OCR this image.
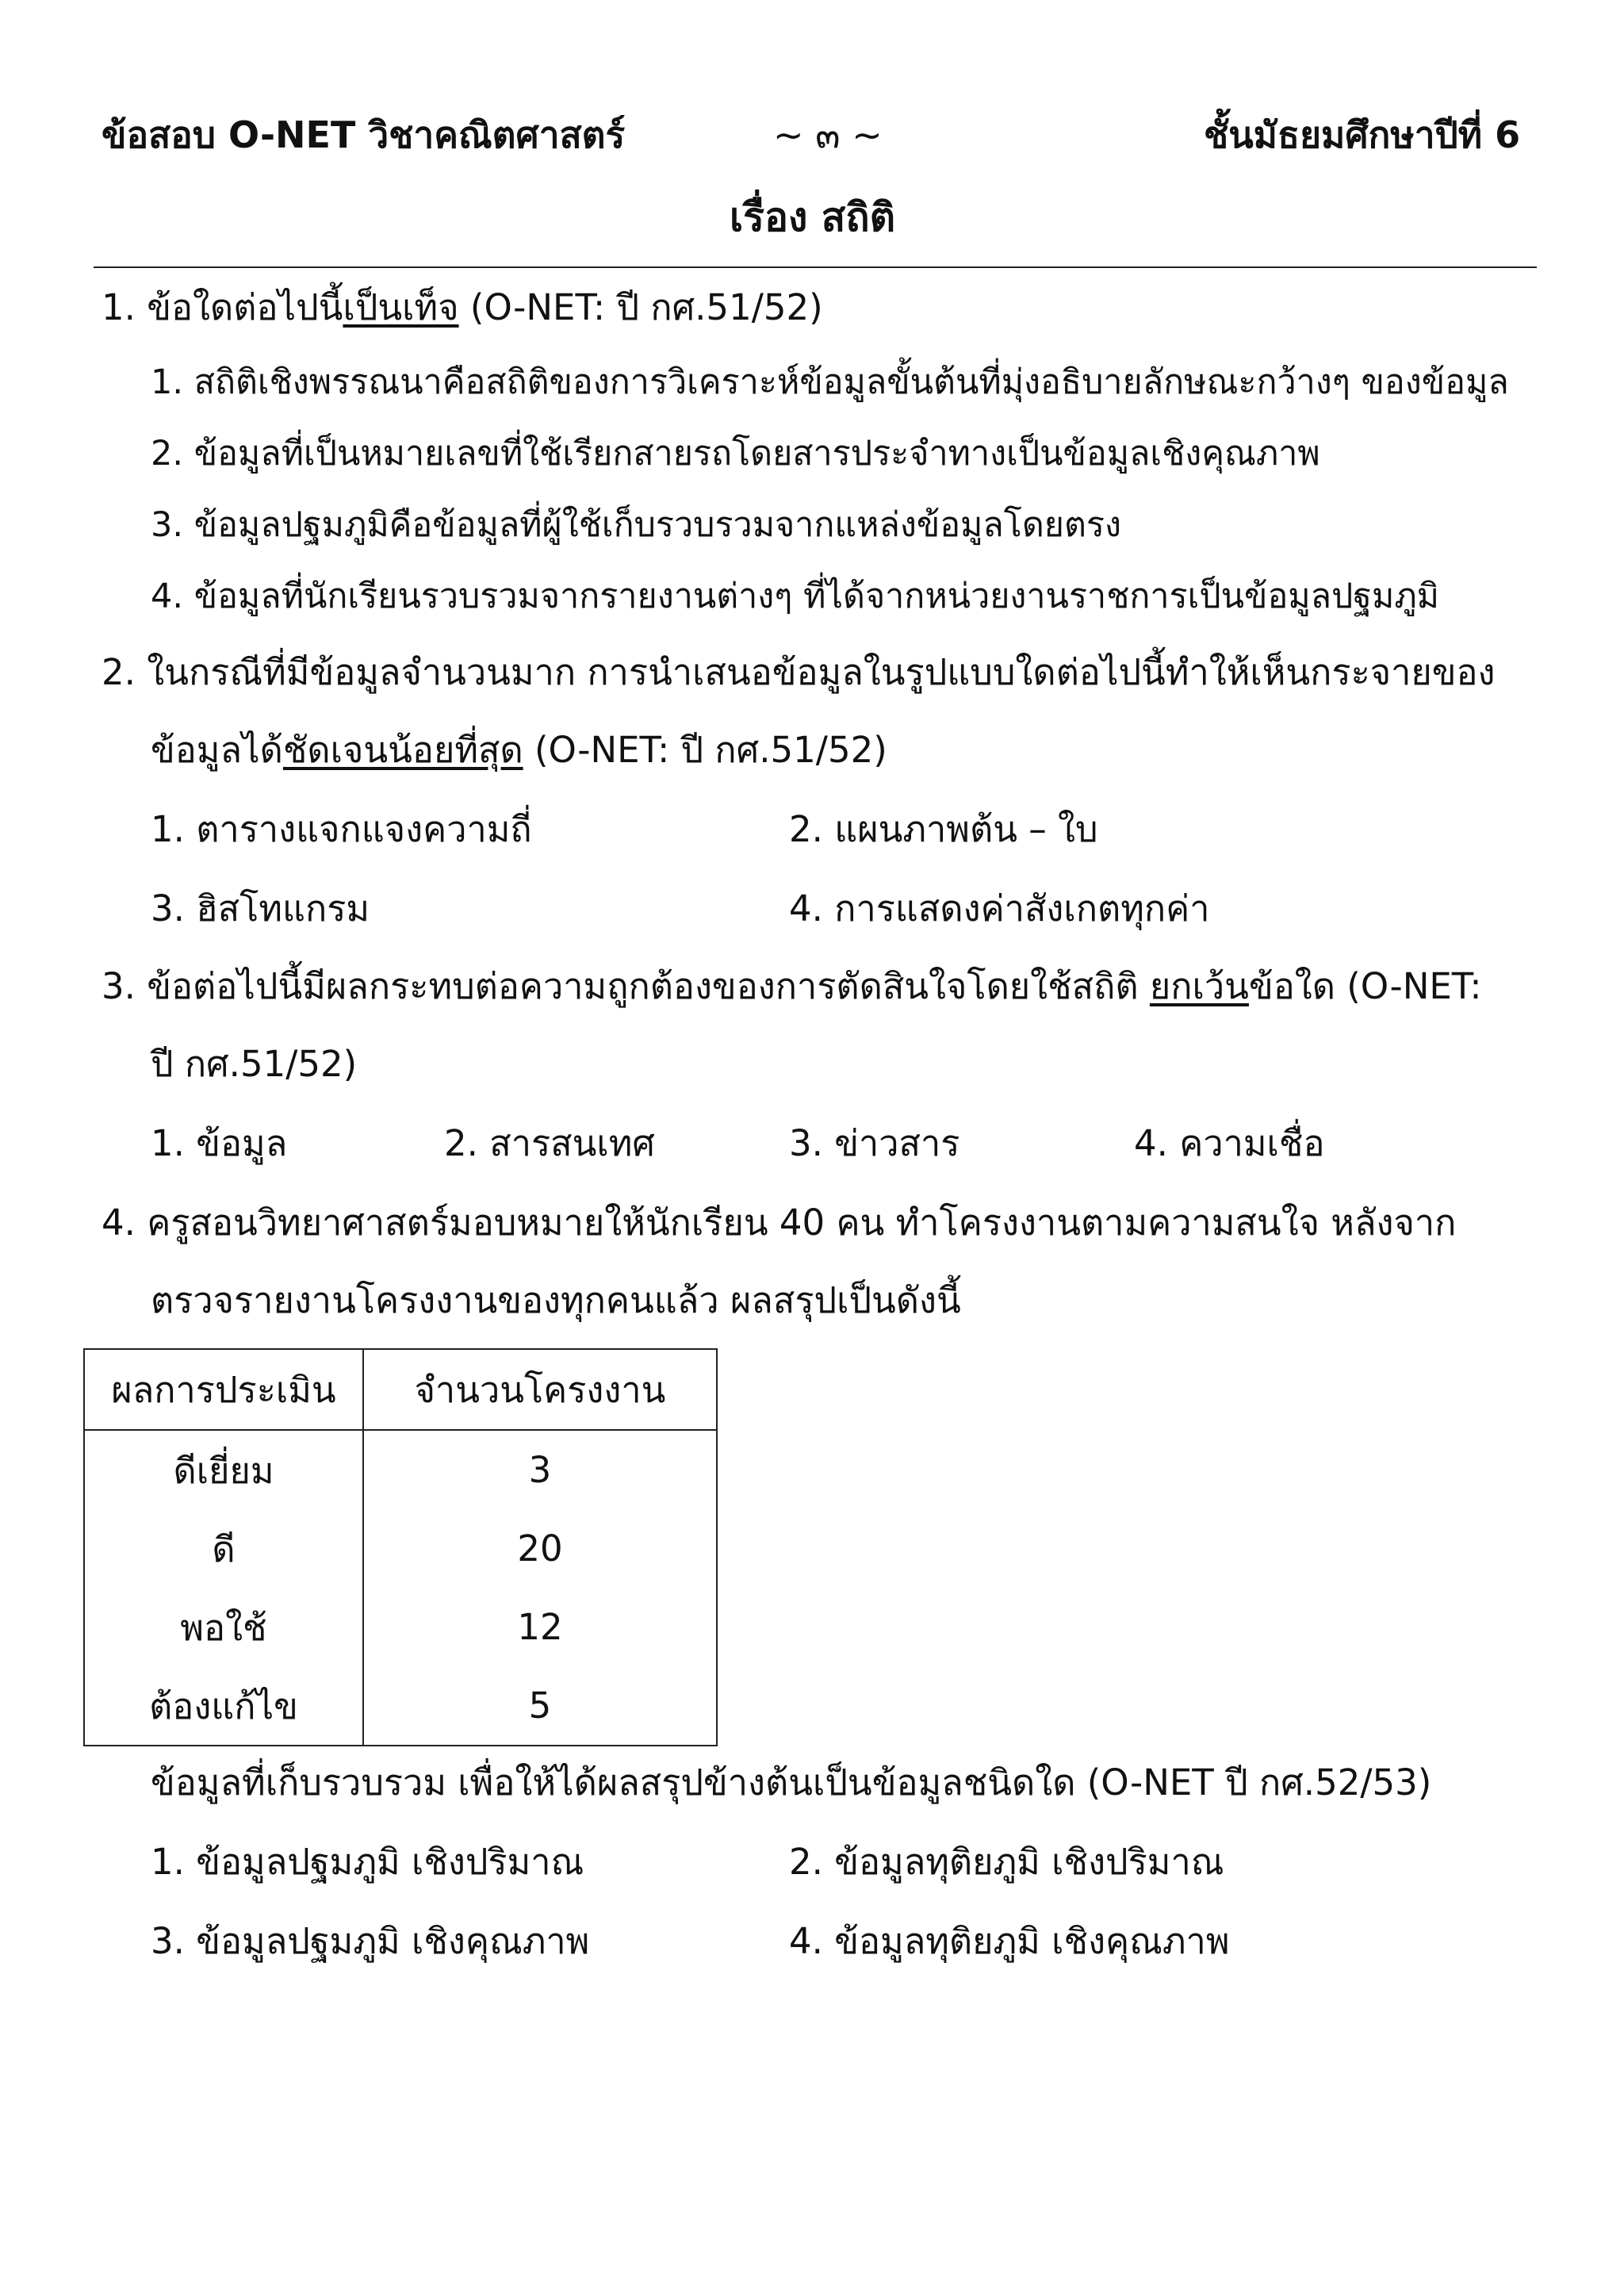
ข้อสอบ O-NET วิชาคณิตศาสตร์	~ ๓ ~	ชั้นมัธยมศึกษาปีที่ 6
เรื่อง สถิติ
1. ข้อใดต่อไปนี้เป็นเท็จ (O-NET: ปี กศ.51/52)
1. สถิติเชิงพรรณนาคือสถิติของการวิเคราะห์ข้อมูลขั้นต้นที่มุ่งอธิบายลักษณะกว้างๆ ของข้อมูล
2. ข้อมูลที่เป็นหมายเลขที่ใช้เรียกสายรถโดยสารประจำทางเป็นข้อมูลเชิงคุณภาพ
3. ข้อมูลปฐมภูมิคือข้อมูลที่ผู้ใช้เก็บรวบรวมจากแหล่งข้อมูลโดยตรง
4. ข้อมูลที่นักเรียนรวบรวมจากรายงานต่างๆ ที่ได้จากหน่วยงานราชการเป็นข้อมูลปฐมภูมิ
2. ในกรณีที่มีข้อมูลจำนวนมาก การนำเสนอข้อมูลในรูปแบบใดต่อไปนี้ทำให้เห็นกระจายของ
ข้อมูลได้ชัดเจนน้อยที่สุด (O-NET: ปี กศ.51/52)
1. ตารางแจกแจงความถี่	2. แผนภาพต้น – ใบ
3. ฮิสโทแกรม	4. การแสดงค่าสังเกตทุกค่า
3. ข้อต่อไปนี้มีผลกระทบต่อความถูกต้องของการตัดสินใจโดยใช้สถิติ ยกเว้นข้อใด (O-NET:
ปี กศ.51/52)
1. ข้อมูล	2. สารสนเทศ	3. ข่าวสาร	4. ความเชื่อ
4. ครูสอนวิทยาศาสตร์มอบหมายให้นักเรียน 40 คน ทำโครงงานตามความสนใจ หลังจาก
ตรวจรายงานโครงงานของทุกคนแล้ว ผลสรุปเป็นดังนี้
ผลการประเมิน	จำนวนโครงงาน
ดีเยี่ยม	3
ดี	20
พอใช้	12
ต้องแก้ไข	5
ข้อมูลที่เก็บรวบรวม เพื่อให้ได้ผลสรุปข้างต้นเป็นข้อมูลชนิดใด (O-NET ปี กศ.52/53)
1. ข้อมูลปฐมภูมิ เชิงปริมาณ	2. ข้อมูลทุติยภูมิ เชิงปริมาณ
3. ข้อมูลปฐมภูมิ เชิงคุณภาพ	4. ข้อมูลทุติยภูมิ เชิงคุณภาพ
